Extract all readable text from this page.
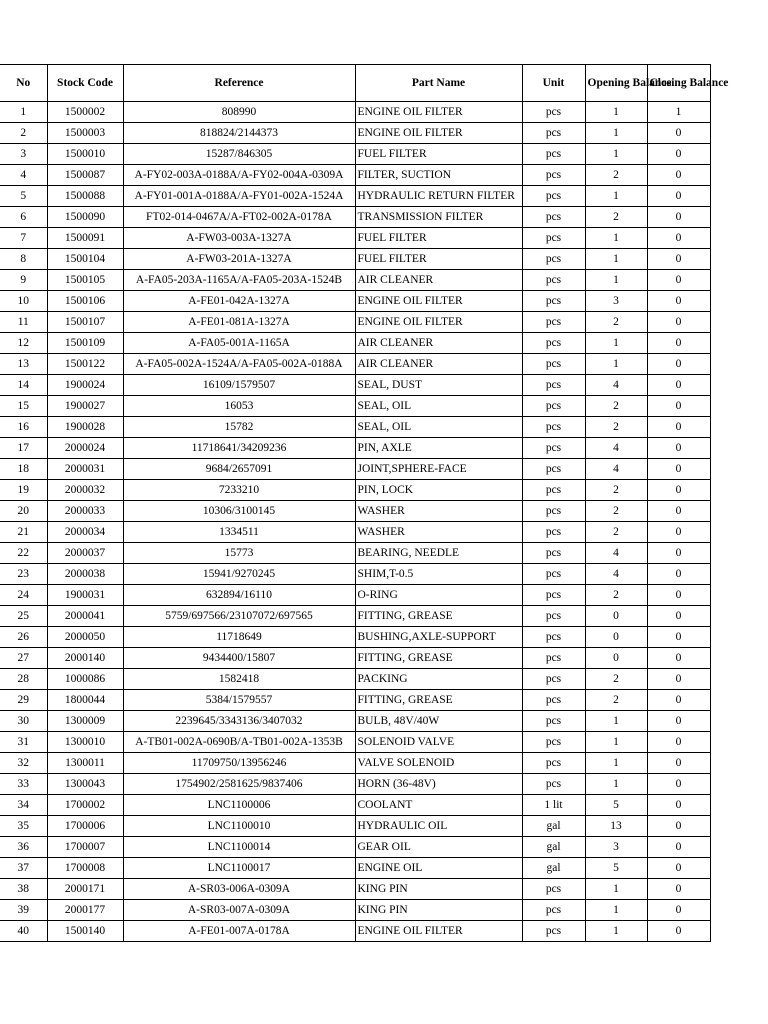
No	Stock Code	Reference	Part Name	Unit	Opening Balance	Closing Balance
1	1500002	808990	ENGINE OIL FILTER	pcs	1	1
2	1500003	818824/2144373	ENGINE OIL FILTER	pcs	1	0
3	1500010	15287/846305	FUEL FILTER	pcs	1	0
4	1500087	A-FY02-003A-0188A/A-FY02-004A-0309A	FILTER, SUCTION	pcs	2	0
5	1500088	A-FY01-001A-0188A/A-FY01-002A-1524A	HYDRAULIC RETURN FILTER	pcs	1	0
6	1500090	FT02-014-0467A/A-FT02-002A-0178A	TRANSMISSION FILTER	pcs	2	0
7	1500091	A-FW03-003A-1327A	FUEL FILTER	pcs	1	0
8	1500104	A-FW03-201A-1327A	FUEL FILTER	pcs	1	0
9	1500105	A-FA05-203A-1165A/A-FA05-203A-1524B	AIR CLEANER	pcs	1	0
10	1500106	A-FE01-042A-1327A	ENGINE OIL FILTER	pcs	3	0
11	1500107	A-FE01-081A-1327A	ENGINE OIL FILTER	pcs	2	0
12	1500109	A-FA05-001A-1165A	AIR CLEANER	pcs	1	0
13	1500122	A-FA05-002A-1524A/A-FA05-002A-0188A	AIR CLEANER	pcs	1	0
14	1900024	16109/1579507	SEAL, DUST	pcs	4	0
15	1900027	16053	SEAL, OIL	pcs	2	0
16	1900028	15782	SEAL, OIL	pcs	2	0
17	2000024	11718641/34209236	PIN, AXLE	pcs	4	0
18	2000031	9684/2657091	JOINT,SPHERE-FACE	pcs	4	0
19	2000032	7233210	PIN, LOCK	pcs	2	0
20	2000033	10306/3100145	WASHER	pcs	2	0
21	2000034	1334511	WASHER	pcs	2	0
22	2000037	15773	BEARING, NEEDLE	pcs	4	0
23	2000038	15941/9270245	SHIM,T-0.5	pcs	4	0
24	1900031	632894/16110	O-RING	pcs	2	0
25	2000041	5759/697566/23107072/697565	FITTING, GREASE	pcs	0	0
26	2000050	11718649	BUSHING,AXLE-SUPPORT	pcs	0	0
27	2000140	9434400/15807	FITTING, GREASE	pcs	0	0
28	1000086	1582418	PACKING	pcs	2	0
29	1800044	5384/1579557	FITTING, GREASE	pcs	2	0
30	1300009	2239645/3343136/3407032	BULB, 48V/40W	pcs	1	0
31	1300010	A-TB01-002A-0690B/A-TB01-002A-1353B	SOLENOID VALVE	pcs	1	0
32	1300011	11709750/13956246	VALVE SOLENOID	pcs	1	0
33	1300043	1754902/2581625/9837406	HORN (36-48V)	pcs	1	0
34	1700002	LNC1100006	COOLANT	1 lit	5	0
35	1700006	LNC1100010	HYDRAULIC OIL	gal	13	0
36	1700007	LNC1100014	GEAR OIL	gal	3	0
37	1700008	LNC1100017	ENGINE OIL	gal	5	0
38	2000171	A-SR03-006A-0309A	KING PIN	pcs	1	0
39	2000177	A-SR03-007A-0309A	KING PIN	pcs	1	0
40	1500140	A-FE01-007A-0178A	ENGINE OIL FILTER	pcs	1	0
